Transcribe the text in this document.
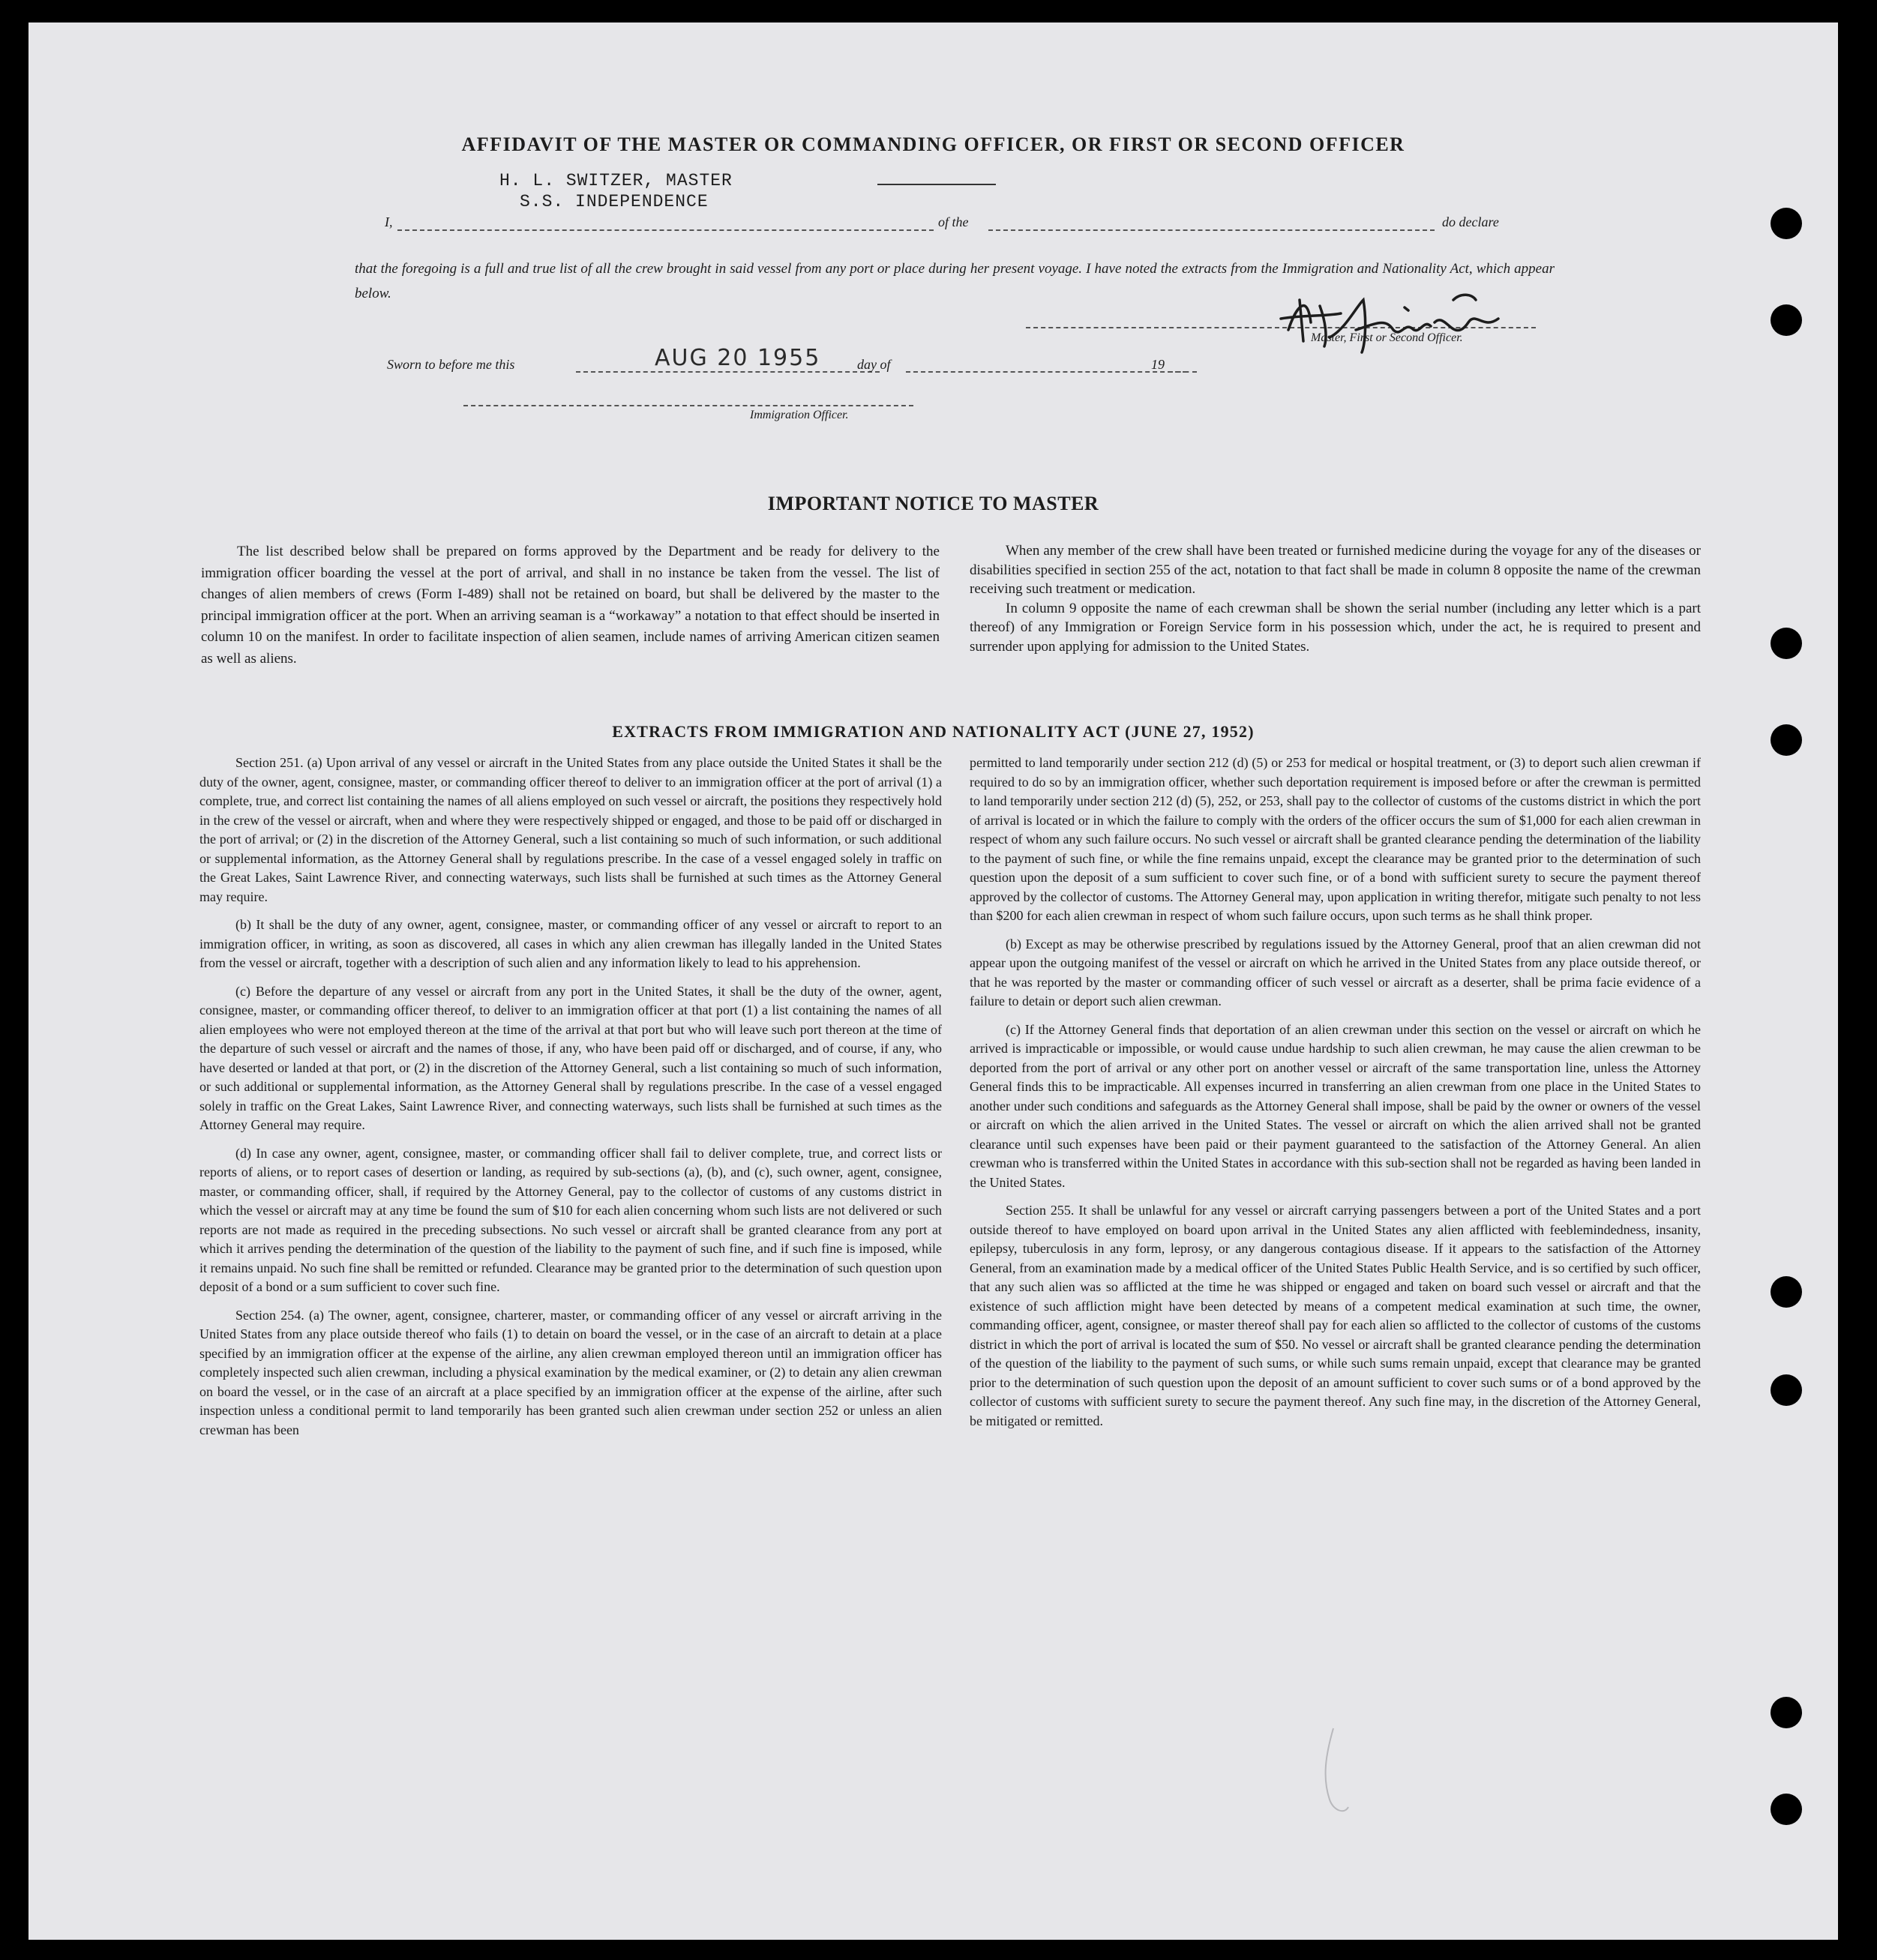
AFFIDAVIT OF THE MASTER OR COMMANDING OFFICER, OR FIRST OR SECOND OFFICER
H. L. SWITZER, MASTER
S.S. INDEPENDENCE
I,	of the	do declare
that the foregoing is a full and true list of all the crew brought in said vessel from any port or place during her present voyage. I have noted the extracts from the Immigration and Nationality Act, which appear below.
Master, First or Second Officer.
Sworn to before me this	AUG 20 1955	day of	19
Immigration Officer.
IMPORTANT NOTICE TO MASTER

The list described below shall be prepared on forms approved by the Department and be ready for delivery to the immigration officer boarding the vessel at the port of arrival, and shall in no instance be taken from the vessel. The list of changes of alien members of crews (Form I-489) shall not be retained on board, but shall be delivered by the master to the principal immigration officer at the port. When an arriving seaman is a “workaway” a notation to that effect should be inserted in column 10 on the manifest. In order to facilitate inspection of alien seamen, include names of arriving American citizen seamen as well as aliens.

When any member of the crew shall have been treated or furnished medicine during the voyage for any of the diseases or disabilities specified in section 255 of the act, notation to that fact shall be made in column 8 opposite the name of the crewman receiving such treatment or medication.

In column 9 opposite the name of each crewman shall be shown the serial number (including any letter which is a part thereof) of any Immigration or Foreign Service form in his possession which, under the act, he is required to present and surrender upon applying for admission to the United States.

EXTRACTS FROM IMMIGRATION AND NATIONALITY ACT (JUNE 27, 1952)

Section 251. (a) Upon arrival of any vessel or aircraft in the United States from any place outside the United States it shall be the duty of the owner, agent, consignee, master, or commanding officer thereof to deliver to an immigration officer at the port of arrival (1) a complete, true, and correct list containing the names of all aliens employed on such vessel or aircraft, the positions they respectively hold in the crew of the vessel or aircraft, when and where they were respectively shipped or engaged, and those to be paid off or discharged in the port of arrival; or (2) in the discretion of the Attorney General, such a list containing so much of such information, or such additional or supplemental information, as the Attorney General shall by regulations prescribe. In the case of a vessel engaged solely in traffic on the Great Lakes, Saint Lawrence River, and connecting waterways, such lists shall be furnished at such times as the Attorney General may require.

(b) It shall be the duty of any owner, agent, consignee, master, or commanding officer of any vessel or aircraft to report to an immigration officer, in writing, as soon as discovered, all cases in which any alien crewman has illegally landed in the United States from the vessel or aircraft, together with a description of such alien and any information likely to lead to his apprehension.

(c) Before the departure of any vessel or aircraft from any port in the United States, it shall be the duty of the owner, agent, consignee, master, or commanding officer thereof, to deliver to an immigration officer at that port (1) a list containing the names of all alien employees who were not employed thereon at the time of the arrival at that port but who will leave such port thereon at the time of the departure of such vessel or aircraft and the names of those, if any, who have been paid off or discharged, and of course, if any, who have deserted or landed at that port, or (2) in the discretion of the Attorney General, such a list containing so much of such information, or such additional or supplemental information, as the Attorney General shall by regulations prescribe. In the case of a vessel engaged solely in traffic on the Great Lakes, Saint Lawrence River, and connecting waterways, such lists shall be furnished at such times as the Attorney General may require.

(d) In case any owner, agent, consignee, master, or commanding officer shall fail to deliver complete, true, and correct lists or reports of aliens, or to report cases of desertion or landing, as required by sub-sections (a), (b), and (c), such owner, agent, consignee, master, or commanding officer, shall, if required by the Attorney General, pay to the collector of customs of any customs district in which the vessel or aircraft may at any time be found the sum of $10 for each alien concerning whom such lists are not delivered or such reports are not made as required in the preceding subsections. No such vessel or aircraft shall be granted clearance from any port at which it arrives pending the determination of the question of the liability to the payment of such fine, and if such fine is imposed, while it remains unpaid. No such fine shall be remitted or refunded. Clearance may be granted prior to the determination of such question upon deposit of a bond or a sum sufficient to cover such fine.

Section 254. (a) The owner, agent, consignee, charterer, master, or commanding officer of any vessel or aircraft arriving in the United States from any place outside thereof who fails (1) to detain on board the vessel, or in the case of an aircraft to detain at a place specified by an immigration officer at the expense of the airline, any alien crewman employed thereon until an immigration officer has completely inspected such alien crewman, including a physical examination by the medical examiner, or (2) to detain any alien crewman on board the vessel, or in the case of an aircraft at a place specified by an immigration officer at the expense of the airline, after such inspection unless a conditional permit to land temporarily has been granted such alien crewman under section 252 or unless an alien crewman has been

permitted to land temporarily under section 212 (d) (5) or 253 for medical or hospital treatment, or (3) to deport such alien crewman if required to do so by an immigration officer, whether such deportation requirement is imposed before or after the crewman is permitted to land temporarily under section 212 (d) (5), 252, or 253, shall pay to the collector of customs of the customs district in which the port of arrival is located or in which the failure to comply with the orders of the officer occurs the sum of $1,000 for each alien crewman in respect of whom any such failure occurs. No such vessel or aircraft shall be granted clearance pending the determination of the liability to the payment of such fine, or while the fine remains unpaid, except the clearance may be granted prior to the determination of such question upon the deposit of a sum sufficient to cover such fine, or of a bond with sufficient surety to secure the payment thereof approved by the collector of customs. The Attorney General may, upon application in writing therefor, mitigate such penalty to not less than $200 for each alien crewman in respect of whom such failure occurs, upon such terms as he shall think proper.

(b) Except as may be otherwise prescribed by regulations issued by the Attorney General, proof that an alien crewman did not appear upon the outgoing manifest of the vessel or aircraft on which he arrived in the United States from any place outside thereof, or that he was reported by the master or commanding officer of such vessel or aircraft as a deserter, shall be prima facie evidence of a failure to detain or deport such alien crewman.

(c) If the Attorney General finds that deportation of an alien crewman under this section on the vessel or aircraft on which he arrived is impracticable or impossible, or would cause undue hardship to such alien crewman, he may cause the alien crewman to be deported from the port of arrival or any other port on another vessel or aircraft of the same transportation line, unless the Attorney General finds this to be impracticable. All expenses incurred in transferring an alien crewman from one place in the United States to another under such conditions and safeguards as the Attorney General shall impose, shall be paid by the owner or owners of the vessel or aircraft on which the alien arrived in the United States. The vessel or aircraft on which the alien arrived shall not be granted clearance until such expenses have been paid or their payment guaranteed to the satisfaction of the Attorney General. An alien crewman who is transferred within the United States in accordance with this sub-section shall not be regarded as having been landed in the United States.

Section 255. It shall be unlawful for any vessel or aircraft carrying passengers between a port of the United States and a port outside thereof to have employed on board upon arrival in the United States any alien afflicted with feeblemindedness, insanity, epilepsy, tuberculosis in any form, leprosy, or any dangerous contagious disease. If it appears to the satisfaction of the Attorney General, from an examination made by a medical officer of the United States Public Health Service, and is so certified by such officer, that any such alien was so afflicted at the time he was shipped or engaged and taken on board such vessel or aircraft and that the existence of such affliction might have been detected by means of a competent medical examination at such time, the owner, commanding officer, agent, consignee, or master thereof shall pay for each alien so afflicted to the collector of customs of the customs district in which the port of arrival is located the sum of $50. No vessel or aircraft shall be granted clearance pending the determination of the question of the liability to the payment of such sums, or while such sums remain unpaid, except that clearance may be granted prior to the determination of such question upon the deposit of an amount sufficient to cover such sums or of a bond approved by the collector of customs with sufficient surety to secure the payment thereof. Any such fine may, in the discretion of the Attorney General, be mitigated or remitted.
